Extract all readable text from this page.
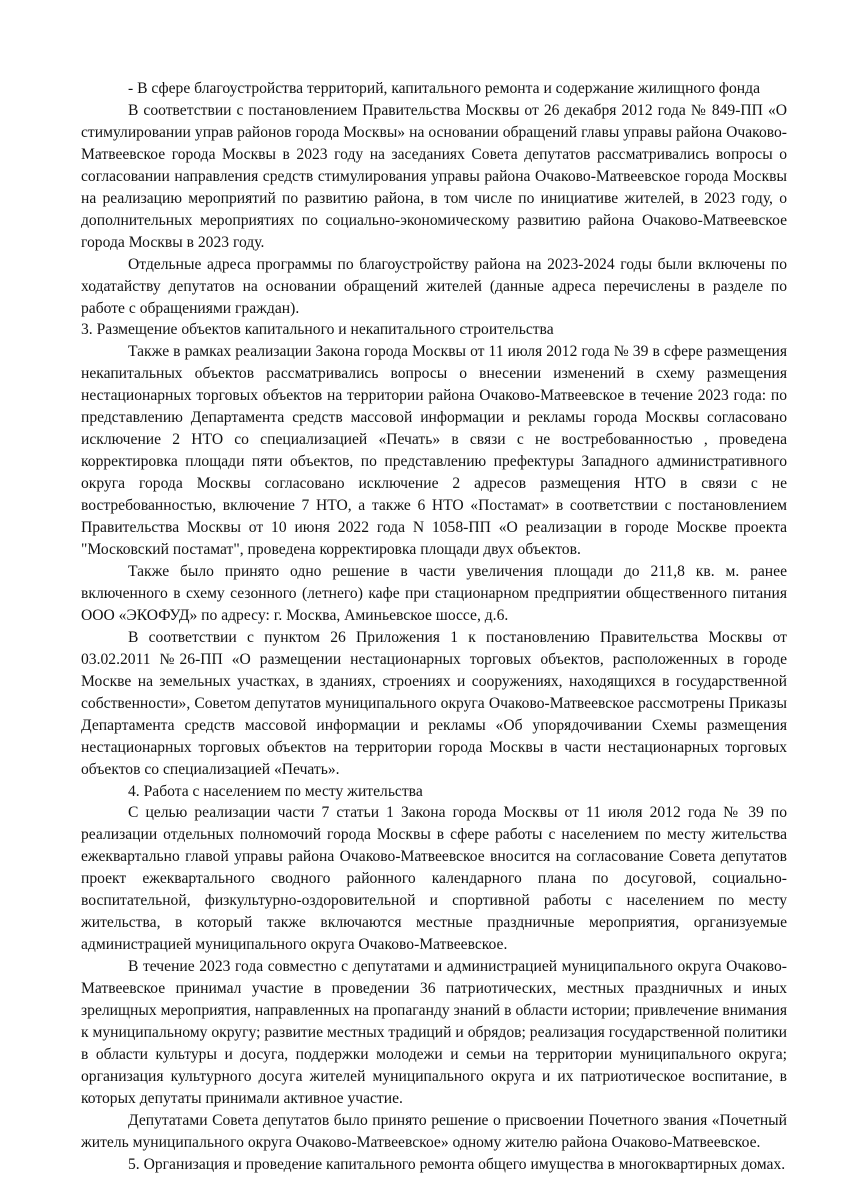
- В сфере благоустройства территорий, капитального ремонта и содержание жилищного фонда

В соответствии с постановлением Правительства Москвы от 26 декабря 2012 года № 849-ПП «О стимулировании управ районов города Москвы» на основании обращений главы управы района Очаково-Матвеевское города Москвы в 2023 году на заседаниях Совета депутатов рассматривались вопросы о согласовании направления средств стимулирования управы района Очаково-Матвеевское города Москвы на реализацию мероприятий по развитию района, в том числе по инициативе жителей, в 2023 году, о дополнительных мероприятиях по социально-экономическому развитию района Очаково-Матвеевское города Москвы в 2023 году.

Отдельные адреса программы по благоустройству района на 2023-2024 годы были включены по ходатайству депутатов на основании обращений жителей (данные адреса перечислены в разделе по работе с обращениями граждан).

3. Размещение объектов капитального и некапитального строительства

Также в рамках реализации Закона города Москвы от 11 июля 2012 года № 39 в сфере размещения некапитальных объектов рассматривались вопросы о внесении изменений в схему размещения нестационарных торговых объектов на территории района Очаково-Матвеевское в течение 2023 года: по представлению Департамента средств массовой информации и рекламы города Москвы согласовано исключение 2 НТО со специализацией «Печать» в связи с не востребованностью , проведена корректировка площади пяти объектов, по представлению префектуры Западного административного округа города Москвы согласовано исключение 2 адресов размещения НТО в связи с не востребованностью, включение 7 НТО, а также 6 НТО «Постамат» в соответствии с постановлением Правительства Москвы от 10 июня 2022 года N 1058-ПП «О реализации в городе Москве проекта "Московский постамат", проведена корректировка площади двух объектов.

Также было принято одно решение в части увеличения площади до 211,8 кв. м. ранее включенного в схему сезонного (летнего) кафе при стационарном предприятии общественного питания ООО «ЭКОФУД» по адресу: г. Москва, Аминьевское шоссе, д.6.

В соответствии с пунктом 26 Приложения 1 к постановлению Правительства Москвы от 03.02.2011 №26-ПП «О размещении нестационарных торговых объектов, расположенных в городе Москве на земельных участках, в зданиях, строениях и сооружениях, находящихся в государственной собственности», Советом депутатов муниципального округа Очаково-Матвеевское рассмотрены Приказы Департамента средств массовой информации и рекламы «Об упорядочивании Схемы размещения нестационарных торговых объектов на территории города Москвы в части нестационарных торговых объектов со специализацией «Печать».

4. Работа с населением по месту жительства

С целью реализации части 7 статьи 1 Закона города Москвы от 11 июля 2012 года № 39 по реализации отдельных полномочий города Москвы в сфере работы с населением по месту жительства ежеквартально главой управы района Очаково-Матвеевское вносится на согласование Совета депутатов проект ежеквартального сводного районного календарного плана по досуговой, социально-воспитательной, физкультурно-оздоровительной и спортивной работы с населением по месту жительства, в который также включаются местные праздничные мероприятия, организуемые администрацией муниципального округа Очаково-Матвеевское.

В течение 2023 года совместно с депутатами и администрацией муниципального округа Очаково-Матвеевское принимал участие в проведении 36 патриотических, местных праздничных и иных зрелищных мероприятия, направленных на пропаганду знаний в области истории; привлечение внимания к муниципальному округу; развитие местных традиций и обрядов; реализация государственной политики в области культуры и досуга, поддержки молодежи и семьи на территории муниципального округа; организация культурного досуга жителей муниципального округа и их патриотическое воспитание, в которых депутаты принимали активное участие.

Депутатами Совета депутатов было принято решение о присвоении Почетного звания «Почетный житель муниципального округа Очаково-Матвеевское» одному жителю района Очаково-Матвеевское.

5. Организация и проведение капитального ремонта общего имущества в многоквартирных домах.
